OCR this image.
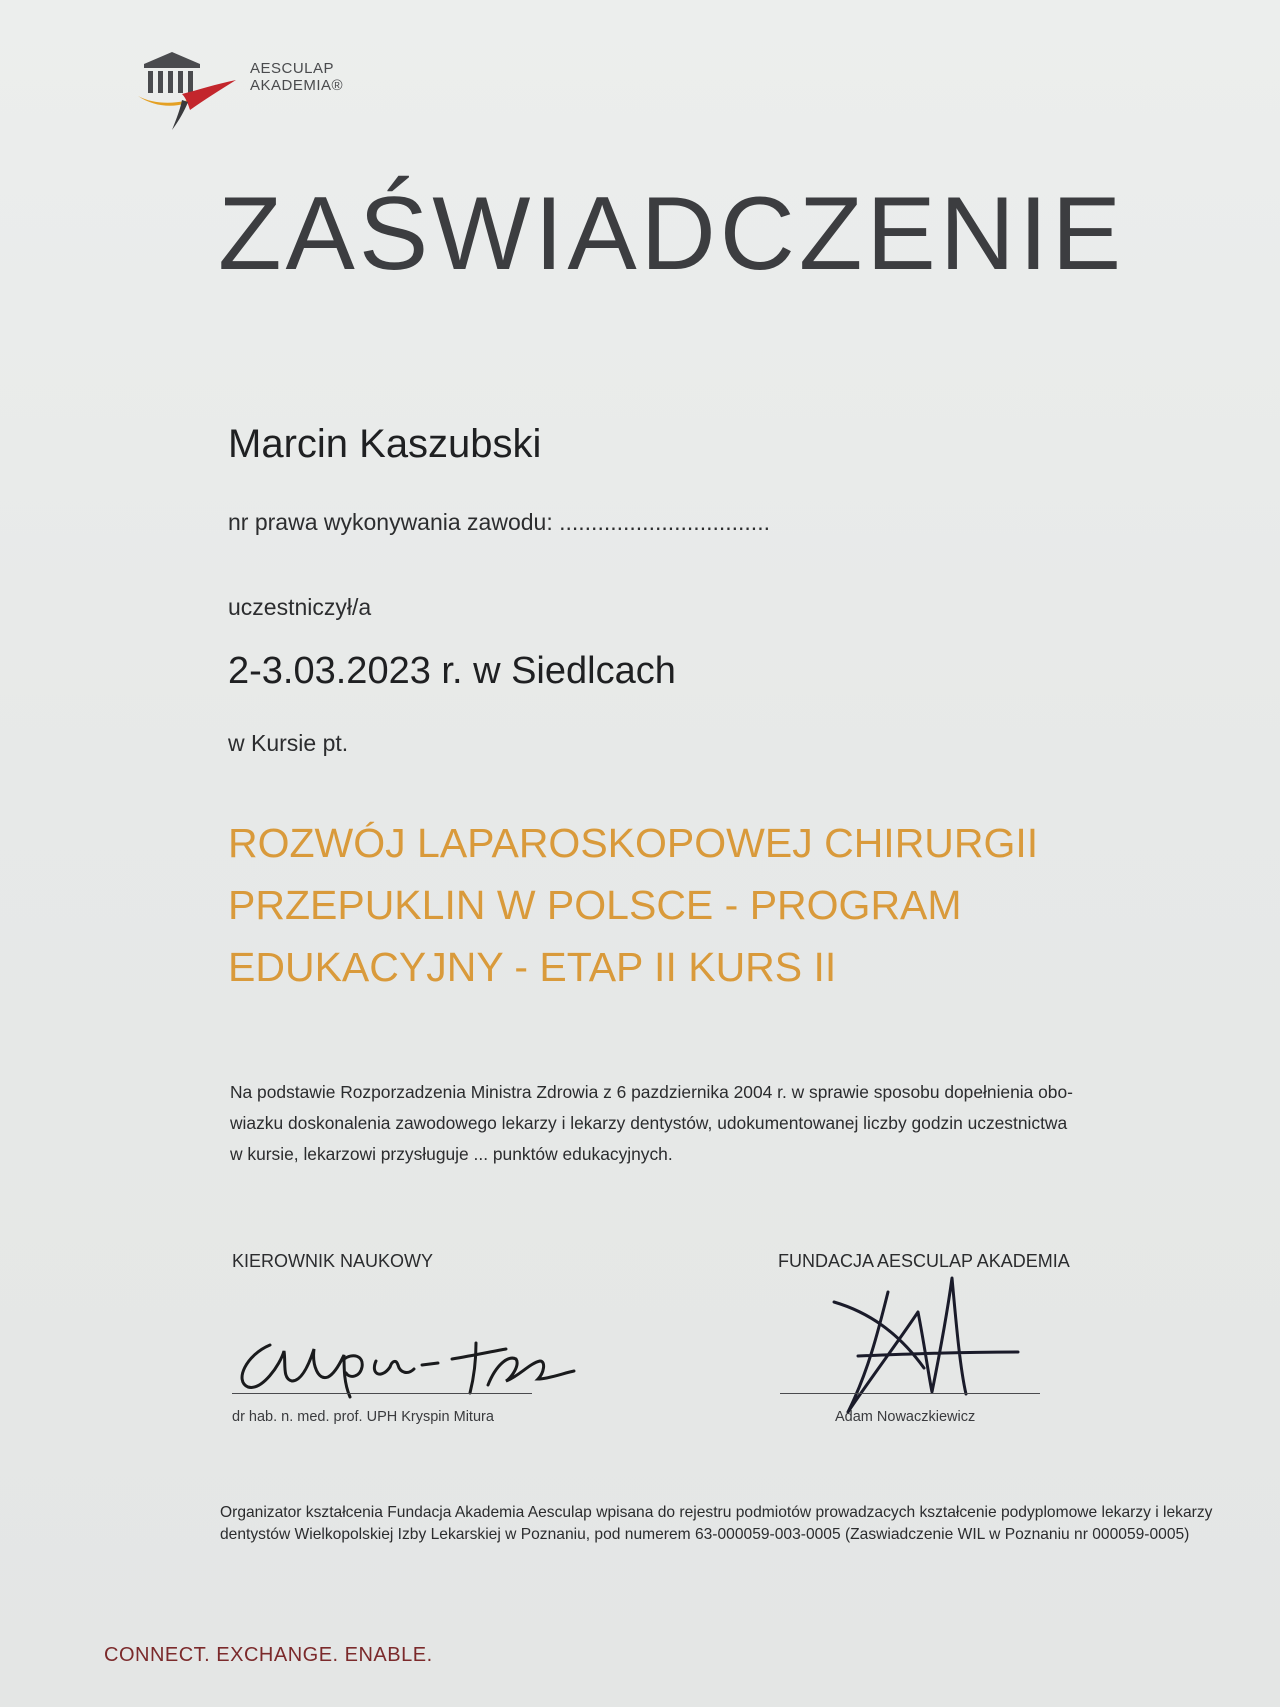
AESCULAP
AKADEMIA®
ZAŚWIADCZENIE
Marcin Kaszubski
nr prawa wykonywania zawodu: .................................
uczestniczył/a
2-3.03.2023 r. w Siedlcach
w Kursie pt.
ROZWÓJ LAPAROSKOPOWEJ CHIRURGII
PRZEPUKLIN W POLSCE - PROGRAM
EDUKACYJNY - ETAP II KURS II
Na podstawie Rozporzadzenia Ministra Zdrowia z 6 pazdziernika 2004 r. w sprawie sposobu dopełnienia obo-
wiazku doskonalenia zawodowego lekarzy i lekarzy dentystów, udokumentowanej liczby godzin uczestnictwa
w kursie, lekarzowi przysługuje ... punktów edukacyjnych.
KIEROWNIK NAUKOWY	FUNDACJA AESCULAP AKADEMIA
dr hab. n. med. prof. UPH Kryspin Mitura	Adam Nowaczkiewicz
Organizator kształcenia Fundacja Akademia Aesculap wpisana do rejestru podmiotów prowadzacych kształcenie podyplomowe lekarzy i lekarzy
dentystów Wielkopolskiej Izby Lekarskiej w Poznaniu, pod numerem 63-000059-003-0005 (Zaswiadczenie WIL w Poznaniu nr 000059-0005)
CONNECT. EXCHANGE. ENABLE.
